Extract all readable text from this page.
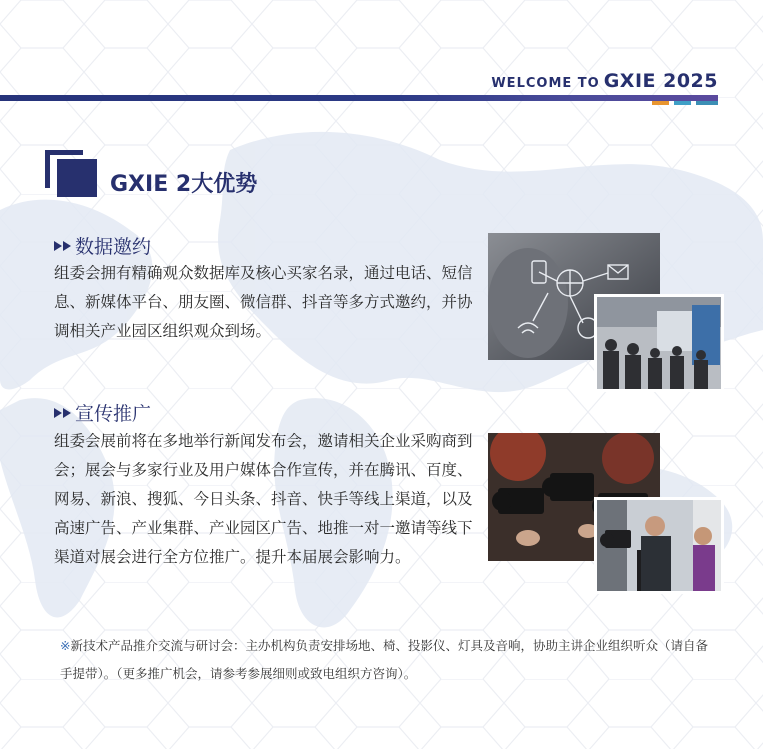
WELCOME TO GXIE 2025
GXIE 2大优势
数据邀约
组委会拥有精确观众数据库及核心买家名录，通过电话、短信息、新媒体平台、朋友圈、微信群、抖音等多方式邀约，并协调相关产业园区组织观众到场。
宣传推广
组委会展前将在多地举行新闻发布会，邀请相关企业采购商到会；展会与多家行业及用户媒体合作宣传，并在腾讯、百度、网易、新浪、搜狐、今日头条、抖音、快手等线上渠道，以及高速广告、产业集群、产业园区广告、地推一对一邀请等线下渠道对展会进行全方位推广。提升本届展会影响力。
※新技术产品推介交流与研讨会：主办机构负责安排场地、椅、投影仪、灯具及音响，协助主讲企业组织听众（请自备手提带）。（更多推广机会，请参考参展细则或致电组织方咨询）。
